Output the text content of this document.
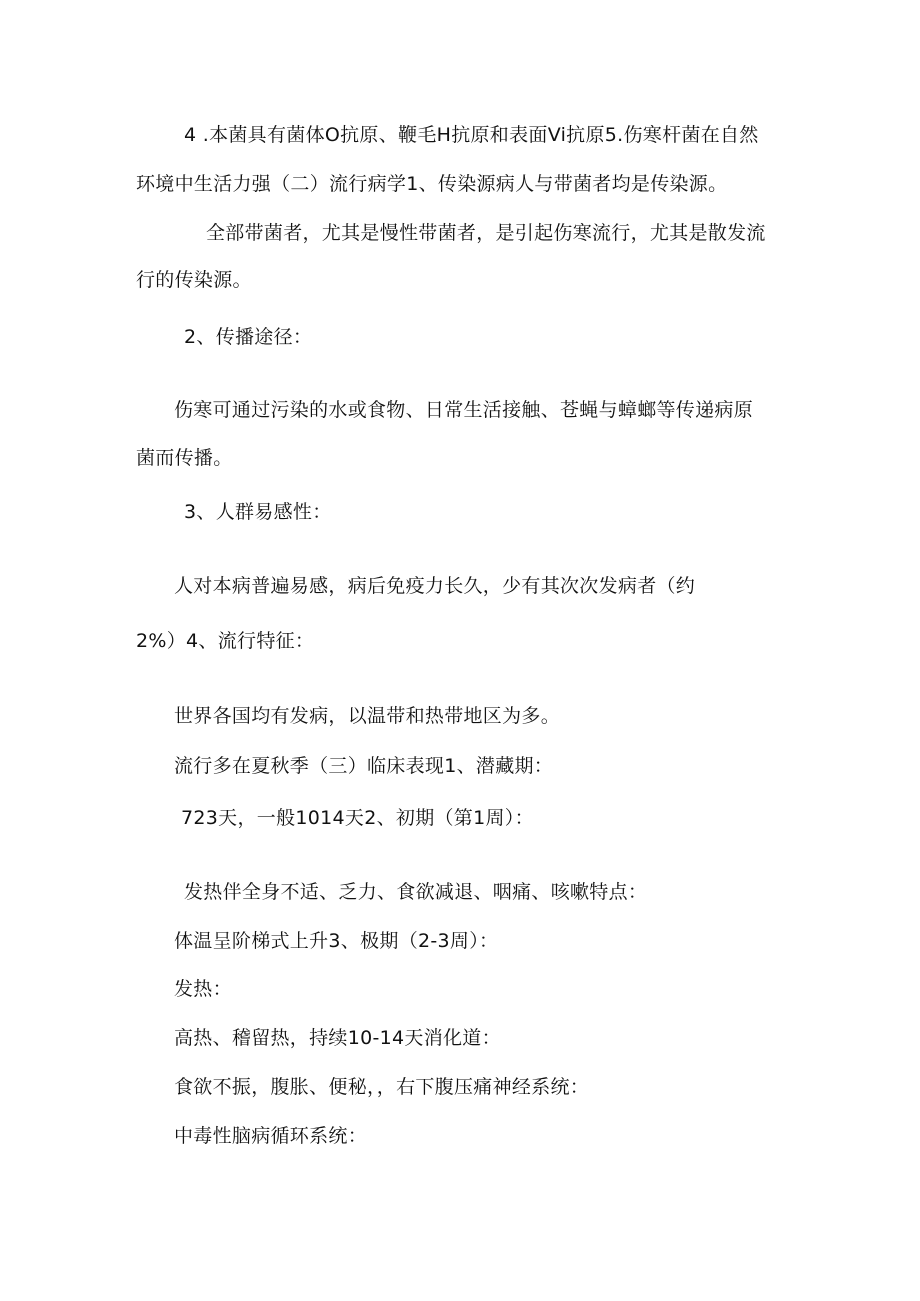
4 .本菌具有菌体O抗原、鞭毛H抗原和表面Vi抗原5.伤寒杆菌在自然
环境中生活力强（二）流行病学1、传染源病人与带菌者均是传染源。
全部带菌者，尤其是慢性带菌者，是引起伤寒流行，尤其是散发流
行的传染源。
2、传播途径：
伤寒可通过污染的水或食物、日常生活接触、苍蝇与蟑螂等传递病原
菌而传播。
3、人群易感性：
人对本病普遍易感，病后免疫力长久，少有其次次发病者（约
2%）4、流行特征：
世界各国均有发病，以温带和热带地区为多。
流行多在夏秋季（三）临床表现1、潜藏期：
723天，一般1014天2、初期（第1周）：
发热伴全身不适、乏力、食欲减退、咽痛、咳嗽特点：
体温呈阶梯式上升3、极期（2-3周）：
发热：
高热、稽留热，持续10-14天消化道：
食欲不振，腹胀、便秘，，右下腹压痛神经系统：
中毒性脑病循环系统：
